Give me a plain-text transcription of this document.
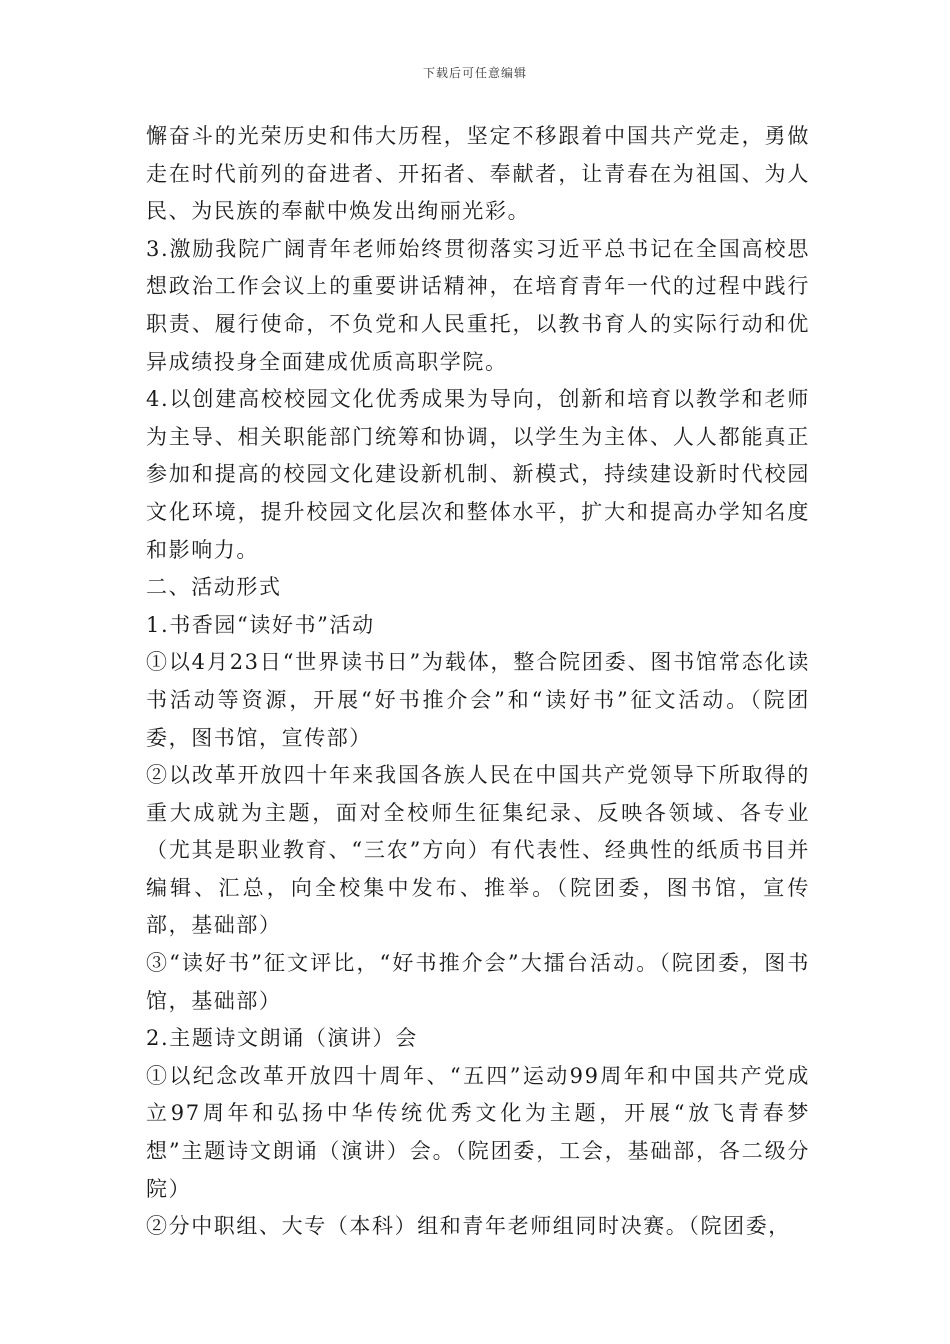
下载后可任意编辑

懈奋斗的光荣历史和伟大历程，坚定不移跟着中国共产党走，勇做走在时代前列的奋进者、开拓者、奉献者，让青春在为祖国、为人民、为民族的奉献中焕发出绚丽光彩。

3.激励我院广阔青年老师始终贯彻落实习近平总书记在全国高校思想政治工作会议上的重要讲话精神，在培育青年一代的过程中践行职责、履行使命，不负党和人民重托，以教书育人的实际行动和优异成绩投身全面建成优质高职学院。

4.以创建高校校园文化优秀成果为导向，创新和培育以教学和老师为主导、相关职能部门统筹和协调，以学生为主体、人人都能真正参加和提高的校园文化建设新机制、新模式，持续建设新时代校园文化环境，提升校园文化层次和整体水平，扩大和提高办学知名度和影响力。

二、活动形式

1.书香园“读好书”活动

①以4月23日“世界读书日”为载体，整合院团委、图书馆常态化读书活动等资源，开展“好书推介会”和“读好书”征文活动。（院团委，图书馆，宣传部）

②以改革开放四十年来我国各族人民在中国共产党领导下所取得的重大成就为主题，面对全校师生征集纪录、反映各领域、各专业（尤其是职业教育、“三农”方向）有代表性、经典性的纸质书目并编辑、汇总，向全校集中发布、推举。（院团委，图书馆，宣传部，基础部）

③“读好书”征文评比，“好书推介会”大擂台活动。（院团委，图书馆，基础部）

2.主题诗文朗诵（演讲）会

①以纪念改革开放四十周年、“五四”运动99周年和中国共产党成立97周年和弘扬中华传统优秀文化为主题，开展“放飞青春梦想”主题诗文朗诵（演讲）会。（院团委，工会，基础部，各二级分院）

②分中职组、大专（本科）组和青年老师组同时决赛。（院团委，
